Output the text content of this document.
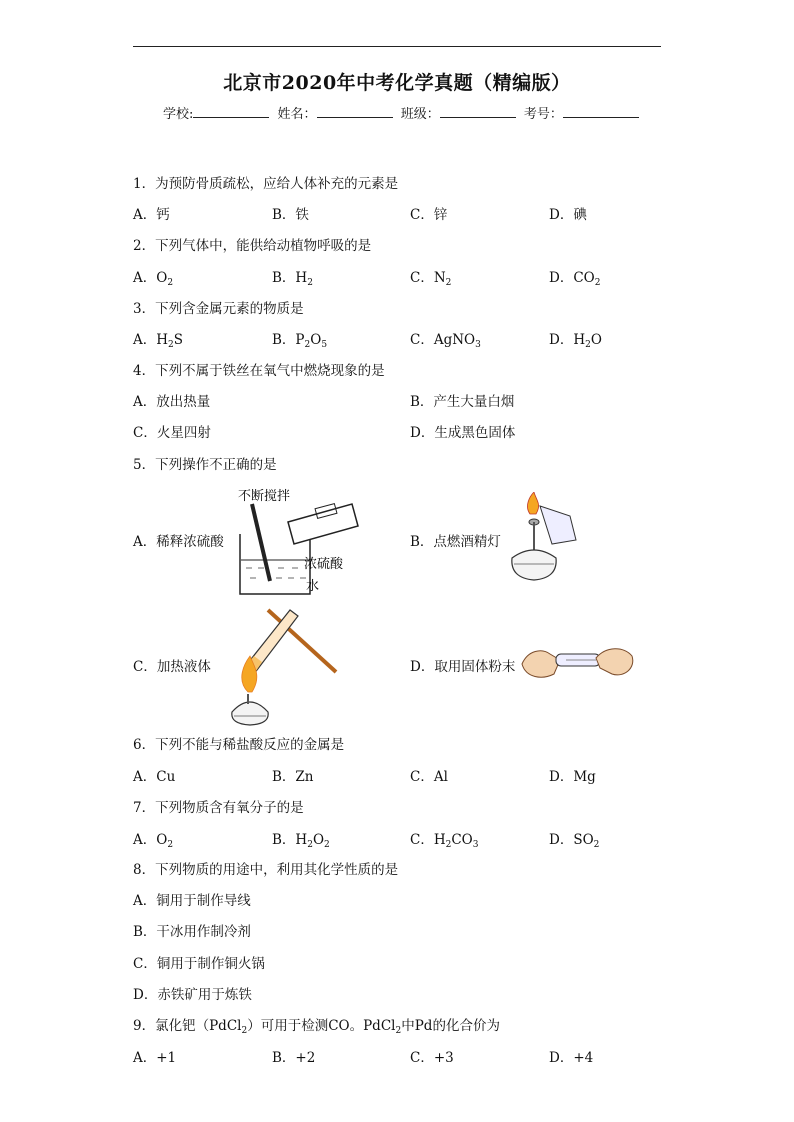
北京市2020年中考化学真题（精编版）
学校:	姓名：	班级：	考号：
1．为预防骨质疏松，应给人体补充的元素是
A．钙	B．铁	C．锌	D．碘
2．下列气体中，能供给动植物呼吸的是
A．$O_2$	B．$H_2$	C．$N_2$	D．$CO_2$
3．下列含金属元素的物质是
A．$H_2S$	B．$P_2O_5$	C．AgNO$_3$	D．$H_2O$
4．下列不属于铁丝在氧气中燃烧现象的是
A．放出热量	B．产生大量白烟
C．火星四射	D．生成黑色固体
5．下列操作不正确的是
A．稀释浓硫酸	B．点燃酒精灯
C．加热液体	D．取用固体粉末
不断搅拌
浓硫酸
水
6．下列不能与稀盐酸反应的金属是
A．Cu	B．Zn	C．Al	D．Mg
7．下列物质含有氧分子的是
A．$O_2$	B．$H_2O_2$	C．$H_2CO_3$	D．$SO_2$
8．下列物质的用途中，利用其化学性质的是
A．铜用于制作导线
B．干冰用作制冷剂
C．铜用于制作铜火锅
D．赤铁矿用于炼铁
9．氯化钯（PdCl$_2$）可用于检测CO。PdCl$_2$中Pd的化合价为
A．+1	B．+2	C．+3	D．+4
